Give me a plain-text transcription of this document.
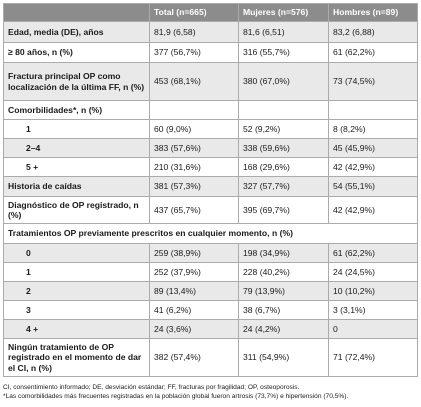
	Total (n=665)	Mujeres (n=576)	Hombres (n=89)
Edad, media (DE), años	81,9 (6,58)	81,6 (6,51)	83,2 (6,88)
≥ 80 años, n (%)	377 (56,7%)	316 (55,7%)	61 (62,2%)
Fractura principal OP como localización de la última FF, n (%)	453 (68,1%)	380 (67,0%)	73 (74,5%)
Comorbilidades*, n (%)			
1	60 (9,0%)	52 (9,2%)	8 (8,2%)
2–4	383 (57,6%)	338 (59,6%)	45 (45,9%)
5 +	210 (31,6%)	168 (29,6%)	42 (42,9%)
Historia de caídas	381 (57,3%)	327 (57,7%)	54 (55,1%)
Diagnóstico de OP registrado, n (%)	437 (65,7%)	395 (69,7%)	42 (42,9%)
Tratamientos OP previamente prescritos en cualquier momento, n (%)			
0	259 (38,9%)	198 (34,9%)	61 (62,2%)
1	252 (37,9%)	228 (40,2%)	24 (24,5%)
2	89 (13,4%)	79 (13,9%)	10 (10,2%)
3	41 (6,2%)	38 (6,7%)	3 (3,1%)
4 +	24 (3,6%)	24 (4,2%)	0
Ningún tratamiento de OP registrado en el momento de dar el CI, n (%)	382 (57,4%)	311 (54,9%)	71 (72,4%)
CI, consentimiento informado; DE, desviación estándar; FF, fracturas por fragilidad; OP, osteoporosis.
*Las comorbilidades más frecuentes registradas en la población global fueron artrosis (73,7%) e hipertensión (70,5%).
